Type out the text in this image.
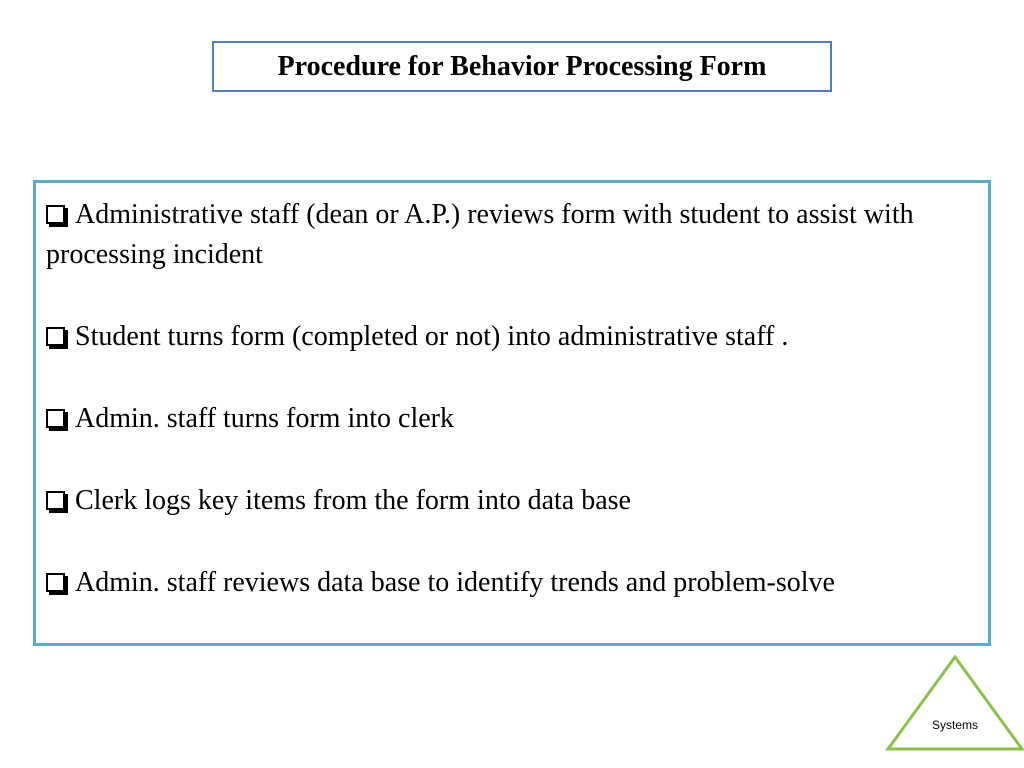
Procedure for Behavior Processing Form
Administrative staff (dean or A.P.) reviews form with student to assist with processing incident
Student turns form (completed or not) into administrative staff .
Admin. staff turns form into clerk
Clerk logs key items from the form into data base
Admin. staff reviews data base to identify trends and problem-solve
Systems
